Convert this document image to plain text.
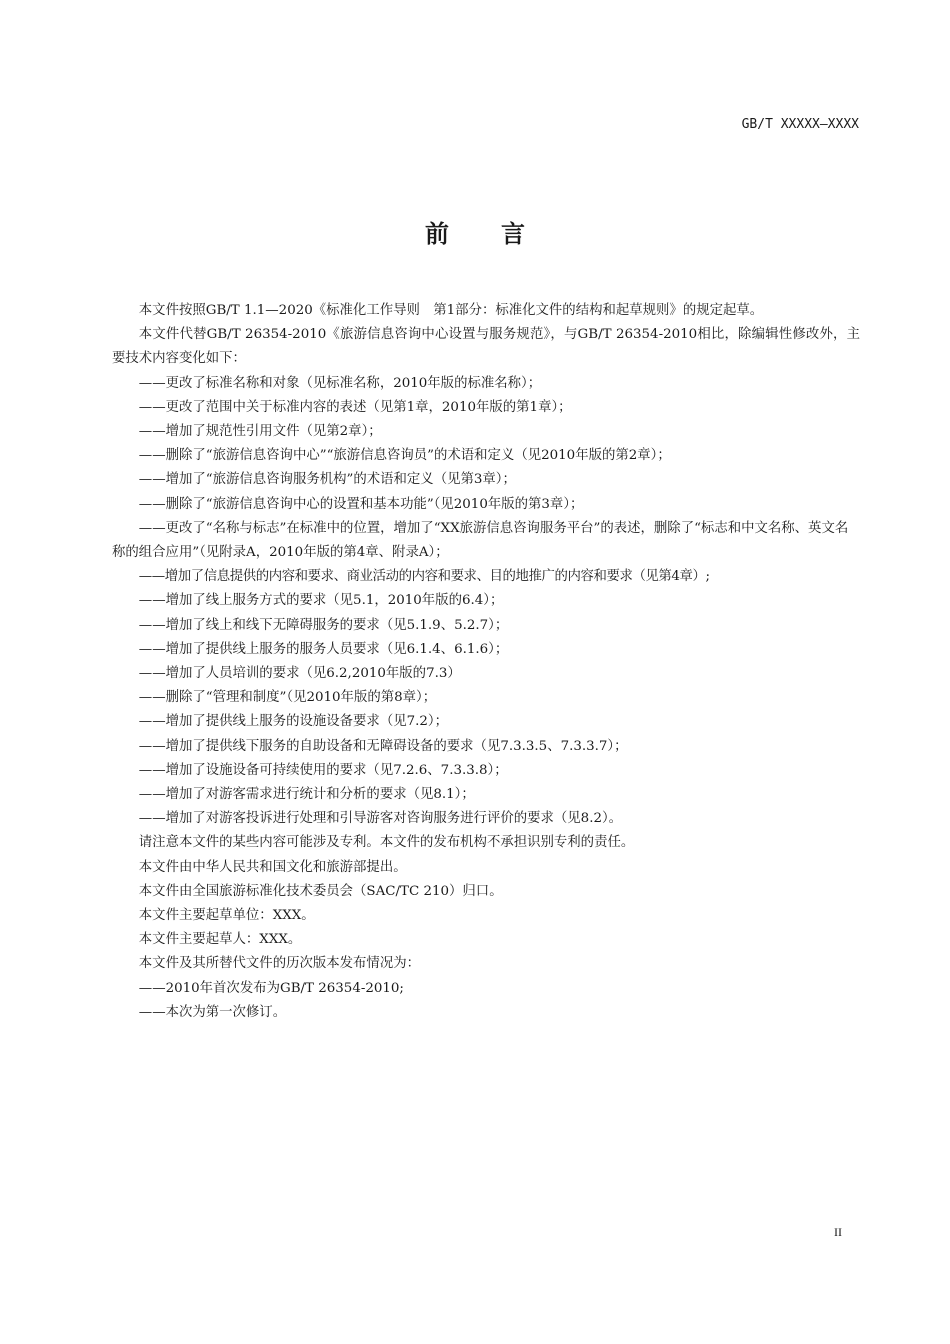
GB/T XXXXX—XXXX
前 言

本文件按照GB/T 1.1—2020《标准化工作导则　第1部分：标准化文件的结构和起草规则》的规定起草。

本文件代替GB/T 26354-2010《旅游信息咨询中心设置与服务规范》，与GB/T 26354-2010相比，除编辑性修改外，主要技术内容变化如下：

——更改了标准名称和对象（见标准名称，2010年版的标准名称）；

——更改了范围中关于标准内容的表述（见第1章，2010年版的第1章）；

——增加了规范性引用文件（见第2章）；

——删除了“旅游信息咨询中心”“旅游信息咨询员”的术语和定义（见2010年版的第2章）；

——增加了“旅游信息咨询服务机构”的术语和定义（见第3章）；

——删除了“旅游信息咨询中心的设置和基本功能”（见2010年版的第3章）；

——更改了“名称与标志”在标准中的位置，增加了“XX旅游信息咨询服务平台”的表述，删除了“标志和中文名称、英文名称的组合应用”（见附录A，2010年版的第4章、附录A）；

——增加了信息提供的内容和要求、商业活动的内容和要求、目的地推广的内容和要求（见第4章）;

——增加了线上服务方式的要求（见5.1，2010年版的6.4）；

——增加了线上和线下无障碍服务的要求（见5.1.9、5.2.7）；

——增加了提供线上服务的服务人员要求（见6.1.4、6.1.6）；

——增加了人员培训的要求（见6.2,2010年版的7.3）

——删除了“管理和制度”（见2010年版的第8章）；

——增加了提供线上服务的设施设备要求（见7.2）；

——增加了提供线下服务的自助设备和无障碍设备的要求（见7.3.3.5、7.3.3.7）；

——增加了设施设备可持续使用的要求（见7.2.6、7.3.3.8）；

——增加了对游客需求进行统计和分析的要求（见8.1）；

——增加了对游客投诉进行处理和引导游客对咨询服务进行评价的要求（见8.2）。

请注意本文件的某些内容可能涉及专利。本文件的发布机构不承担识别专利的责任。

本文件由中华人民共和国文化和旅游部提出。

本文件由全国旅游标准化技术委员会（SAC/TC 210）归口。

本文件主要起草单位：XXX。

本文件主要起草人：XXX。

本文件及其所替代文件的历次版本发布情况为：

——2010年首次发布为GB/T 26354-2010;

——本次为第一次修订。

II
